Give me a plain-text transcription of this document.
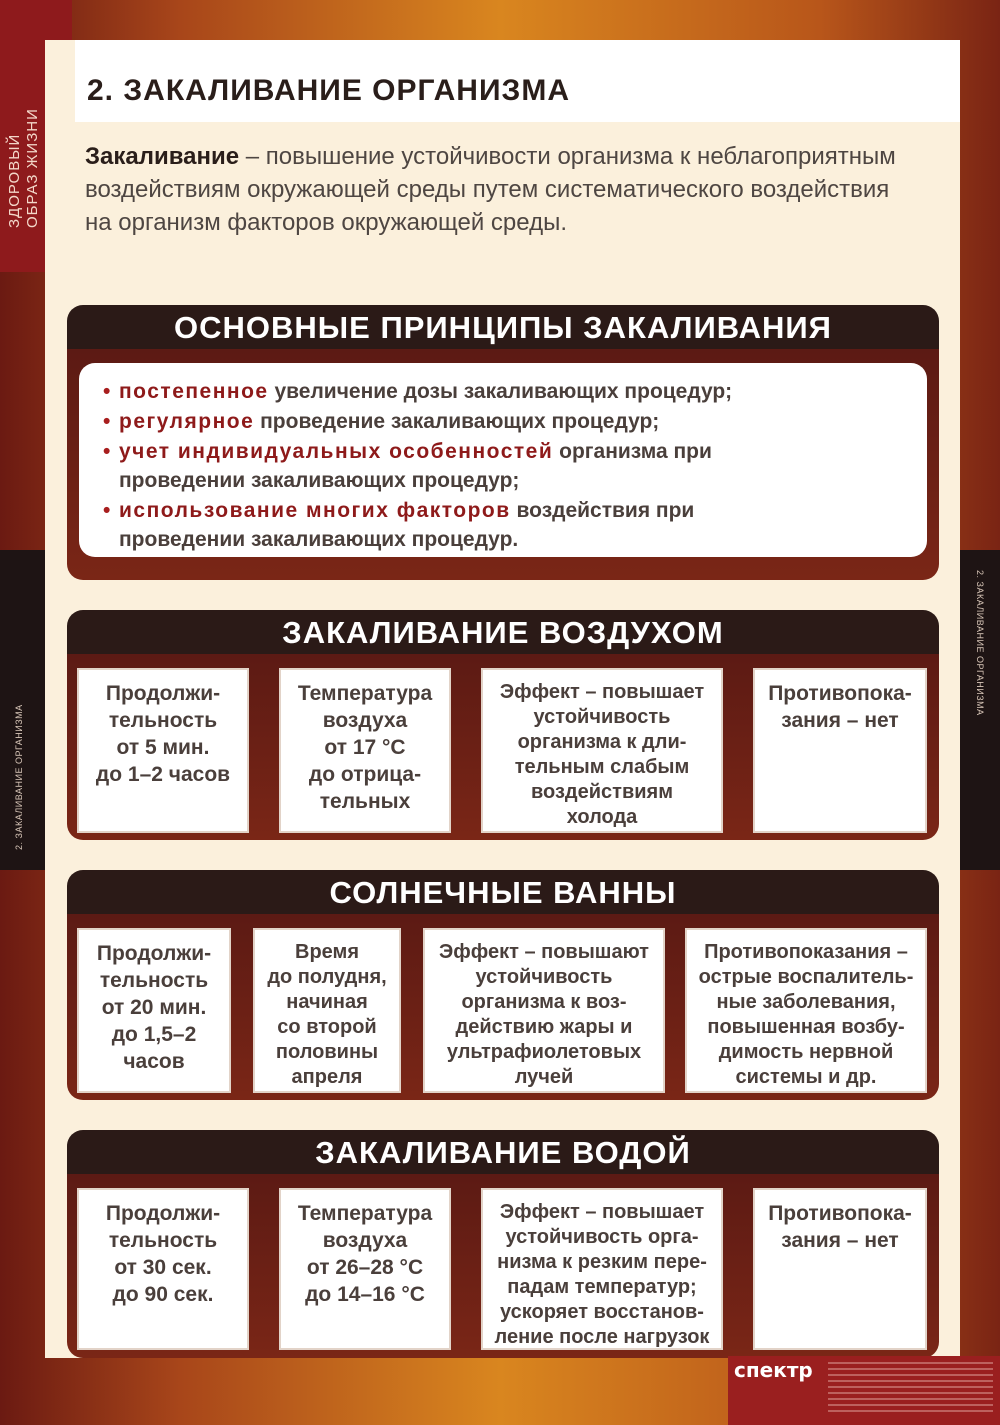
ЗДОРОВЫЙ ОБРАЗ ЖИЗНИ
2. ЗАКАЛИВАНИЕ ОРГАНИЗМА
2. ЗАКАЛИВАНИЕ ОРГАНИЗМА
2. ЗАКАЛИВАНИЕ ОРГАНИЗМА
Закаливание – повышение устойчивости организма к неблагоприятным воздействиям окружающей среды путем систематического воздействия на организм факторов окружающей среды.
ОСНОВНЫЕ ПРИНЦИПЫ ЗАКАЛИВАНИЯ
• постепенное увеличение дозы закаливающих процедур;
• регулярное проведение закаливающих процедур;
• учет индивидуальных особенностей организма при проведении закаливающих процедур;
• использование многих факторов воздействия при проведении закаливающих процедур.
ЗАКАЛИВАНИЕ ВОЗДУХОМ
Продолжи-
тельность
от 5 мин.
до 1–2 часов
Температура
воздуха
от 17 °С
до отрица-
тельных
Эффект – повышает
устойчивость
организма к дли-
тельным слабым
воздействиям
холода
Противопока-
зания – нет
СОЛНЕЧНЫЕ ВАННЫ
Продолжи-
тельность
от 20 мин.
до 1,5–2
часов
Время
до полудня,
начиная
со второй
половины
апреля
Эффект – повышают
устойчивость
организма к воз-
действию жары и
ультрафиолетовых
лучей
Противопоказания –
острые воспалитель-
ные заболевания,
повышенная возбу-
димость нервной
системы и др.
ЗАКАЛИВАНИЕ ВОДОЙ
Продолжи-
тельность
от 30 сек.
до 90 сек.
Температура
воздуха
от 26–28 °С
до 14–16 °С
Эффект – повышает
устойчивость орга-
низма к резким пере-
падам температур;
ускоряет восстанов-
ление после нагрузок
Противопока-
зания – нет
спектр
